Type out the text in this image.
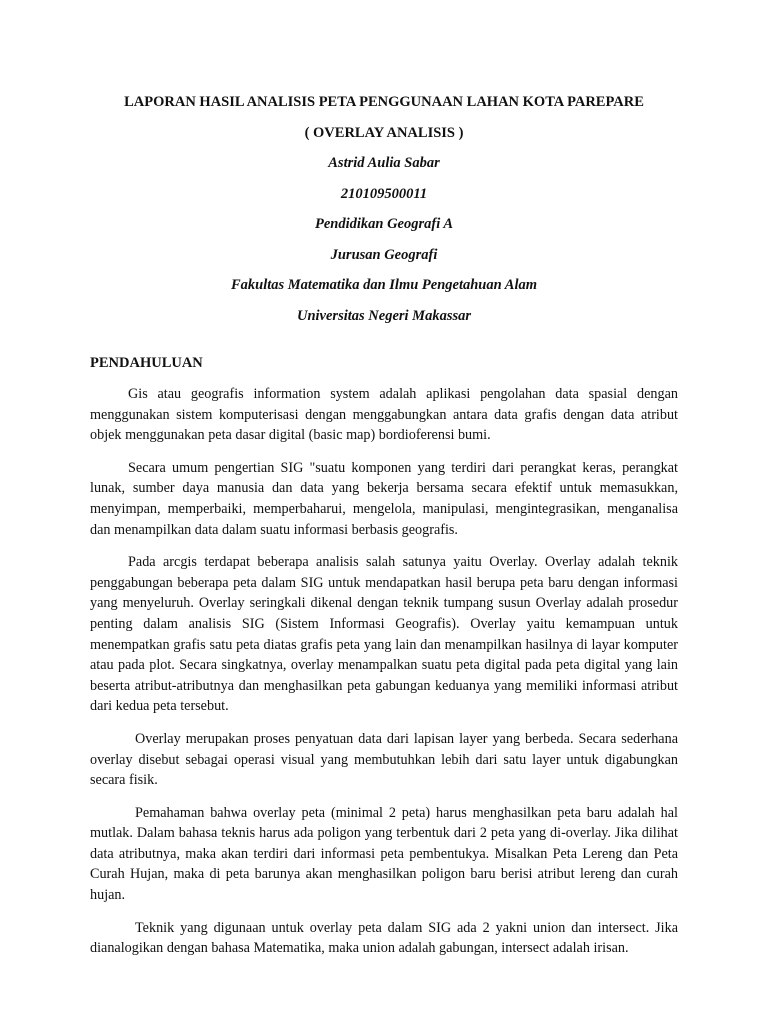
LAPORAN HASIL ANALISIS PETA PENGGUNAAN LAHAN KOTA PAREPARE
( OVERLAY ANALISIS )
Astrid Aulia Sabar
210109500011
Pendidikan Geografi A
Jurusan Geografi
Fakultas Matematika dan Ilmu Pengetahuan Alam
Universitas Negeri Makassar
PENDAHULUAN

Gis atau geografis information system adalah aplikasi pengolahan data spasial dengan menggunakan sistem komputerisasi dengan menggabungkan antara data grafis dengan data atribut objek menggunakan peta dasar digital (basic map) bordioferensi bumi.

Secara umum pengertian SIG "suatu komponen yang terdiri dari perangkat keras, perangkat lunak, sumber daya manusia dan data yang bekerja bersama secara efektif untuk memasukkan, menyimpan, memperbaiki, memperbaharui, mengelola, manipulasi, mengintegrasikan, menganalisa dan menampilkan data dalam suatu informasi berbasis geografis.

Pada arcgis terdapat beberapa analisis salah satunya yaitu Overlay. Overlay adalah teknik penggabungan beberapa peta dalam SIG untuk mendapatkan hasil berupa peta baru dengan informasi yang menyeluruh. Overlay seringkali dikenal dengan teknik tumpang susun Overlay adalah prosedur penting dalam analisis SIG (Sistem Informasi Geografis). Overlay yaitu kemampuan untuk menempatkan grafis satu peta diatas grafis peta yang lain dan menampilkan hasilnya di layar komputer atau pada plot. Secara singkatnya, overlay menampalkan suatu peta digital pada peta digital yang lain beserta atribut-atributnya dan menghasilkan peta gabungan keduanya yang memiliki informasi atribut dari kedua peta tersebut.

Overlay merupakan proses penyatuan data dari lapisan layer yang berbeda. Secara sederhana overlay disebut sebagai operasi visual yang membutuhkan lebih dari satu layer untuk digabungkan secara fisik.

Pemahaman bahwa overlay peta (minimal 2 peta) harus menghasilkan peta baru adalah hal mutlak. Dalam bahasa teknis harus ada poligon yang terbentuk dari 2 peta yang di-overlay. Jika dilihat data atributnya, maka akan terdiri dari informasi peta pembentukya. Misalkan Peta Lereng dan Peta Curah Hujan, maka di peta barunya akan menghasilkan poligon baru berisi atribut lereng dan curah hujan.

Teknik yang digunaan untuk overlay peta dalam SIG ada 2 yakni union dan intersect. Jika dianalogikan dengan bahasa Matematika, maka union adalah gabungan, intersect adalah irisan.
